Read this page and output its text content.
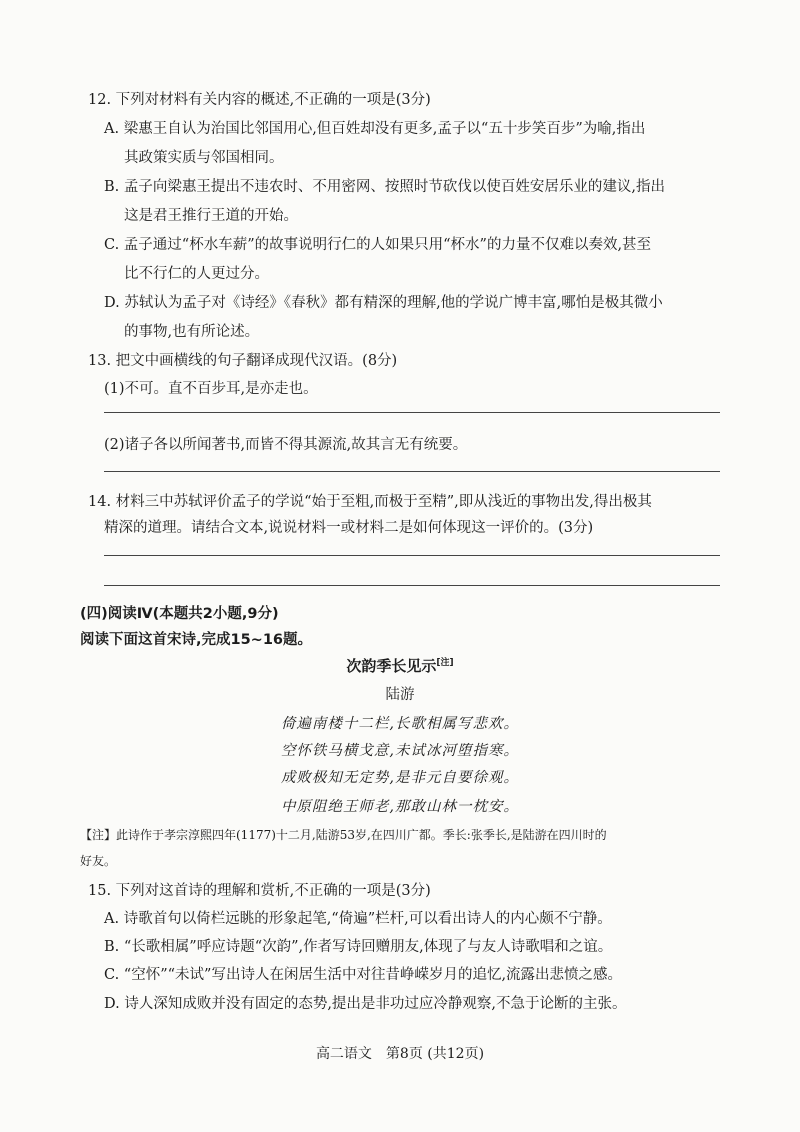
12. 下列对材料有关内容的概述,不正确的一项是(3分)
A. 梁惠王自认为治国比邻国用心,但百姓却没有更多,孟子以“五十步笑百步”为喻,指出
其政策实质与邻国相同。
B. 孟子向梁惠王提出不违农时、不用密网、按照时节砍伐以使百姓安居乐业的建议,指出
这是君王推行王道的开始。
C. 孟子通过“杯水车薪”的故事说明行仁的人如果只用“杯水”的力量不仅难以奏效,甚至
比不行仁的人更过分。
D. 苏轼认为孟子对《诗经》《春秋》都有精深的理解,他的学说广博丰富,哪怕是极其微小
的事物,也有所论述。
13. 把文中画横线的句子翻译成现代汉语。(8分)
(1)不可。直不百步耳,是亦走也。
(2)诸子各以所闻著书,而皆不得其源流,故其言无有统要。
14. 材料三中苏轼评价孟子的学说“始于至粗,而极于至精”,即从浅近的事物出发,得出极其
精深的道理。请结合文本,说说材料一或材料二是如何体现这一评价的。(3分)
(四)阅读Ⅳ(本题共2小题,9分)
阅读下面这首宋诗,完成15~16题。
次韵季长见示[注]
陆游
倚遍南楼十二栏,长歌相属写悲欢。
空怀铁马横戈意,未试冰河堕指寒。
成败极知无定势,是非元自要徐观。
中原阻绝王师老,那敢山林一枕安。
【注】此诗作于孝宗淳熙四年(1177)十二月,陆游53岁,在四川广都。季长:张季长,是陆游在四川时的
好友。
15. 下列对这首诗的理解和赏析,不正确的一项是(3分)
A. 诗歌首句以倚栏远眺的形象起笔,“倚遍”栏杆,可以看出诗人的内心颇不宁静。
B. “长歌相属”呼应诗题“次韵”,作者写诗回赠朋友,体现了与友人诗歌唱和之谊。
C. “空怀”“未试”写出诗人在闲居生活中对往昔峥嵘岁月的追忆,流露出悲愤之感。
D. 诗人深知成败并没有固定的态势,提出是非功过应冷静观察,不急于论断的主张。
高二语文　第8页 (共12页)
